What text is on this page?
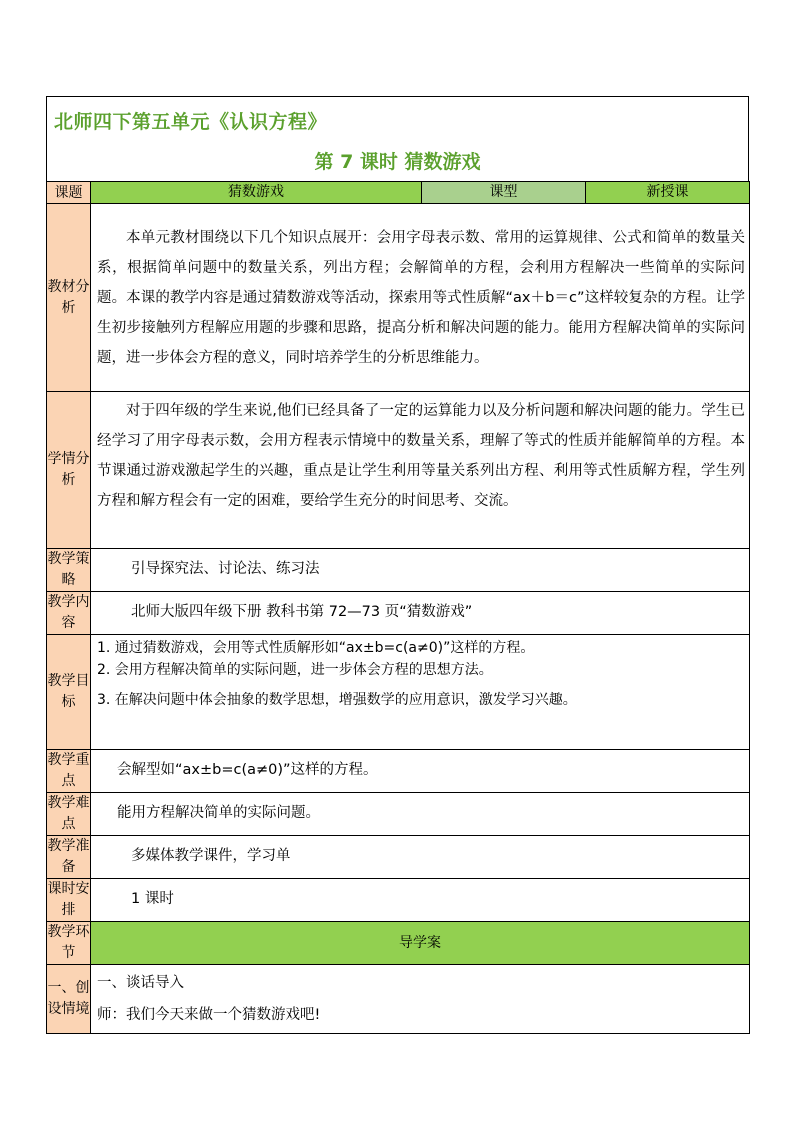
北师四下第五单元《认识方程》
第 7 课时 猜数游戏
课题	猜数游戏	课型	新授课
教材分析	本单元教材围绕以下几个知识点展开：会用字母表示数、常用的运算规律、公式和简单的数量关系，根据简单问题中的数量关系，列出方程；会解简单的方程，会利用方程解决一些简单的实际问题。本课的教学内容是通过猜数游戏等活动，探索用等式性质解“ax＋b＝c”这样较复杂的方程。让学生初步接触列方程解应用题的步骤和思路，提高分析和解决问题的能力。能用方程解决简单的实际问题，进一步体会方程的意义，同时培养学生的分析思维能力。		
学情分析	对于四年级的学生来说,他们已经具备了一定的运算能力以及分析问题和解决问题的能力。学生已经学习了用字母表示数，会用方程表示情境中的数量关系，理解了等式的性质并能解简单的方程。本节课通过游戏激起学生的兴趣，重点是让学生利用等量关系列出方程、利用等式性质解方程，学生列方程和解方程会有一定的困难，要给学生充分的时间思考、交流。		
教学策略	引导探究法、讨论法、练习法		
教学内容	北师大版四年级下册 教科书第 72—73 页“猜数游戏”		
教学目标	1. 通过猜数游戏，会用等式性质解形如“ax±b=c(a≠0)”这样的方程。
2. 会用方程解决简单的实际问题，进一步体会方程的思想方法。
3. 在解决问题中体会抽象的数学思想，增强数学的应用意识，激发学习兴趣。		

教学重点	会解型如“ax±b=c(a≠0)”这样的方程。		
教学难点	能用方程解决简单的实际问题。		
教学准备	多媒体教学课件，学习单		
课时安排	1 课时		
教学环节	导学案		
一、创设情境	一、谈话导入
师：我们今天来做一个猜数游戏吧!		
